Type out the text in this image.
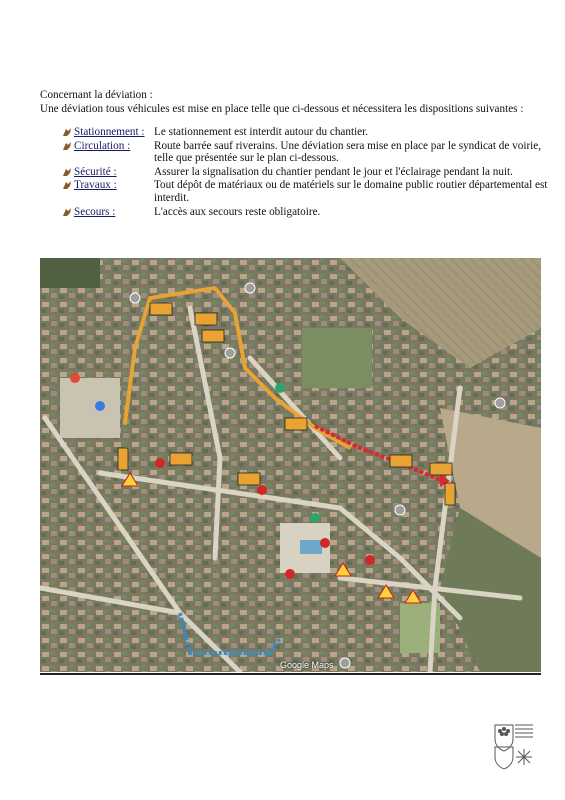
Concernant la déviation :

Une déviation tous véhicules est mise en place telle que ci-dessous et nécessitera les dispositions suivantes :

Stationnement : Le stationnement est interdit autour du chantier.
Circulation :	Route barrée sauf riverains. Une déviation sera mise en place par le syndicat de voirie, telle que présentée sur le plan ci-dessous.
Sécurité :	Assurer la signalisation du chantier pendant le jour et l'éclairage pendant la nuit.
Travaux :	Tout dépôt de matériaux ou de matériels sur le domaine public routier départemental est interdit.
Secours :	L'accès aux secours reste obligatoire.
Google Maps
